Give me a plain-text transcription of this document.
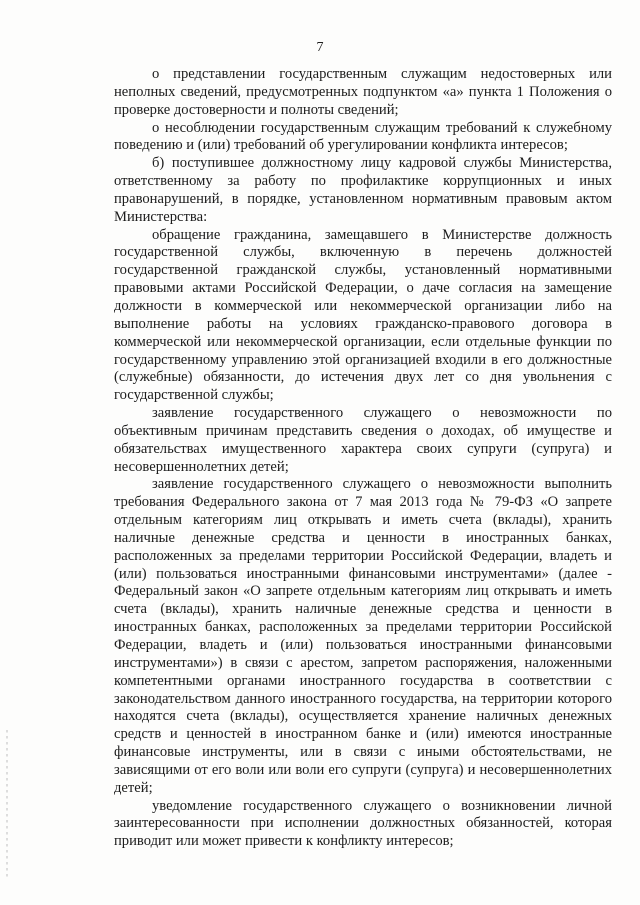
7

о представлении государственным служащим недостоверных или неполных сведений, предусмотренных подпунктом «а» пункта 1 Положения о проверке достоверности и полноты сведений;

о несоблюдении государственным служащим требований к служебному поведению и (или) требований об урегулировании конфликта интересов;

б) поступившее должностному лицу кадровой службы Министерства, ответственному за работу по профилактике коррупционных и иных правонарушений, в порядке, установленном нормативным правовым актом Министерства:

обращение гражданина, замещавшего в Министерстве должность государственной службы, включенную в перечень должностей государственной гражданской службы, установленный нормативными правовыми актами Российской Федерации, о даче согласия на замещение должности в коммерческой или некоммерческой организации либо на выполнение работы на условиях гражданско-правового договора в коммерческой или некоммерческой организации, если отдельные функции по государственному управлению этой организацией входили в его должностные (служебные) обязанности, до истечения двух лет со дня увольнения с государственной службы;

заявление государственного служащего о невозможности по объективным причинам представить сведения о доходах, об имуществе и обязательствах имущественного характера своих супруги (супруга) и несовершеннолетних детей;

заявление государственного служащего о невозможности выполнить требования Федерального закона от 7 мая 2013 года № 79-ФЗ «О запрете отдельным категориям лиц открывать и иметь счета (вклады), хранить наличные денежные средства и ценности в иностранных банках, расположенных за пределами территории Российской Федерации, владеть и (или) пользоваться иностранными финансовыми инструментами» (далее - Федеральный закон «О запрете отдельным категориям лиц открывать и иметь счета (вклады), хранить наличные денежные средства и ценности в иностранных банках, расположенных за пределами территории Российской Федерации, владеть и (или) пользоваться иностранными финансовыми инструментами») в связи с арестом, запретом распоряжения, наложенными компетентными органами иностранного государства в соответствии с законодательством данного иностранного государства, на территории которого находятся счета (вклады), осуществляется хранение наличных денежных средств и ценностей в иностранном банке и (или) имеются иностранные финансовые инструменты, или в связи с иными обстоятельствами, не зависящими от его воли или воли его супруги (супруга) и несовершеннолетних детей;

уведомление государственного служащего о возникновении личной заинтересованности при исполнении должностных обязанностей, которая приводит или может привести к конфликту интересов;
